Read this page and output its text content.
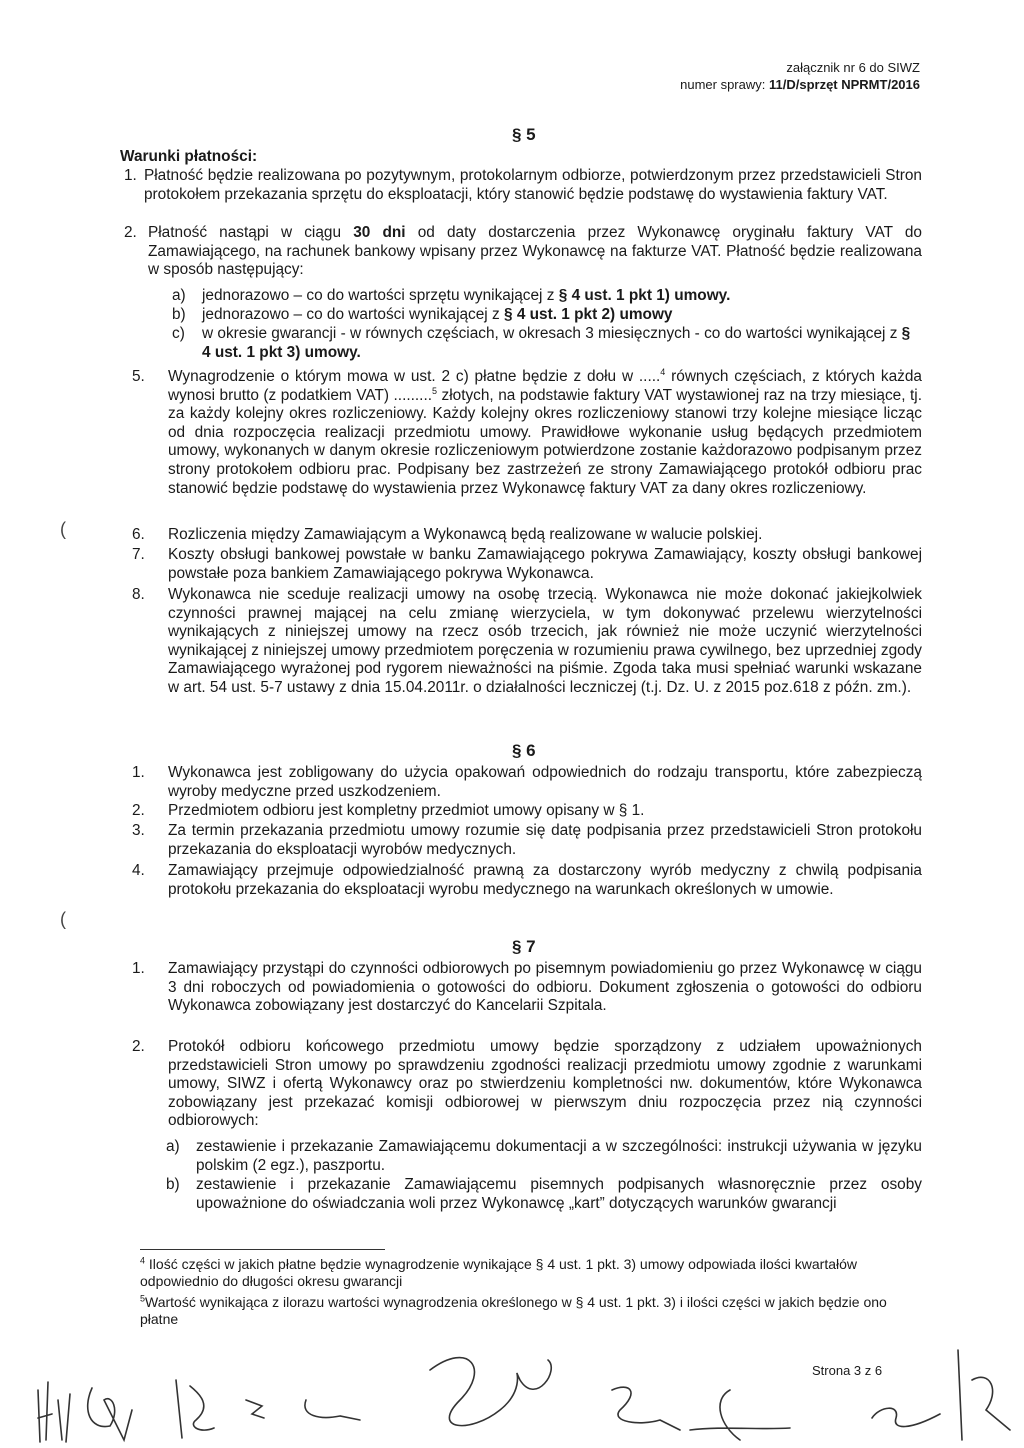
załącznik nr 6 do SIWZ
numer sprawy: 11/D/sprzęt NPRMT/2016
§ 5
Warunki płatności:
1. Płatność będzie realizowana po pozytywnym, protokolarnym odbiorze, potwierdzonym przez przedstawicieli Stron protokołem przekazania sprzętu do eksploatacji, który stanowić będzie podstawę do wystawienia faktury VAT.
2. Płatność nastąpi w ciągu 30 dni od daty dostarczenia przez Wykonawcę oryginału faktury VAT do Zamawiającego, na rachunek bankowy wpisany przez Wykonawcę na fakturze VAT. Płatność będzie realizowana w sposób następujący:
a) jednorazowo – co do wartości sprzętu wynikającej z § 4 ust. 1 pkt 1) umowy.
b) jednorazowo – co do wartości wynikającej z § 4 ust. 1 pkt 2) umowy
c) w okresie gwarancji - w równych częściach, w okresach 3 miesięcznych - co do wartości wynikającej z § 4 ust. 1 pkt 3) umowy.
5. Wynagrodzenie o którym mowa w ust. 2 c) płatne będzie z dołu w .....$^4$ równych częściach, z których każda wynosi brutto (z podatkiem VAT) .........$^5$ złotych, na podstawie faktury VAT wystawionej raz na trzy miesiące, tj. za każdy kolejny okres rozliczeniowy. Każdy kolejny okres rozliczeniowy stanowi trzy kolejne miesiące licząc od dnia rozpoczęcia realizacji przedmiotu umowy. Prawidłowe wykonanie usług będących przedmiotem umowy, wykonanych w danym okresie rozliczeniowym potwierdzone zostanie każdorazowo podpisanym przez strony protokołem odbioru prac. Podpisany bez zastrzeżeń ze strony Zamawiającego protokół odbioru prac stanowić będzie podstawę do wystawienia przez Wykonawcę faktury VAT za dany okres rozliczeniowy.
6. Rozliczenia między Zamawiającym a Wykonawcą będą realizowane w walucie polskiej.
7. Koszty obsługi bankowej powstałe w banku Zamawiającego pokrywa Zamawiający, koszty obsługi bankowej powstałe poza bankiem Zamawiającego pokrywa Wykonawca.
8. Wykonawca nie sceduje realizacji umowy na osobę trzecią. Wykonawca nie może dokonać jakiejkolwiek czynności prawnej mającej na celu zmianę wierzyciela, w tym dokonywać przelewu wierzytelności wynikających z niniejszej umowy na rzecz osób trzecich, jak również nie może uczynić wierzytelności wynikającej z niniejszej umowy przedmiotem poręczenia w rozumieniu prawa cywilnego, bez uprzedniej zgody Zamawiającego wyrażonej pod rygorem nieważności na piśmie. Zgoda taka musi spełniać warunki wskazane w art. 54 ust. 5-7 ustawy z dnia 15.04.2011r. o działalności leczniczej (t.j. Dz. U. z 2015 poz.618 z późn. zm.).
(
§ 6
1. Wykonawca jest zobligowany do użycia opakowań odpowiednich do rodzaju transportu, które zabezpieczą wyroby medyczne przed uszkodzeniem.
2. Przedmiotem odbioru jest kompletny przedmiot umowy opisany w § 1.
3. Za termin przekazania przedmiotu umowy rozumie się datę podpisania przez przedstawicieli Stron protokołu przekazania do eksploatacji wyrobów medycznych.
4. Zamawiający przejmuje odpowiedzialność prawną za dostarczony wyrób medyczny z chwilą podpisania protokołu przekazania do eksploatacji wyrobu medycznego na warunkach określonych w umowie.
(
§ 7
1. Zamawiający przystąpi do czynności odbiorowych po pisemnym powiadomieniu go przez Wykonawcę w ciągu 3 dni roboczych od powiadomienia o gotowości do odbioru. Dokument zgłoszenia o gotowości do odbioru Wykonawca zobowiązany jest dostarczyć do Kancelarii Szpitala.
2. Protokół odbioru końcowego przedmiotu umowy będzie sporządzony z udziałem upoważnionych przedstawicieli Stron umowy po sprawdzeniu zgodności realizacji przedmiotu umowy zgodnie z warunkami umowy, SIWZ i ofertą Wykonawcy oraz po stwierdzeniu kompletności nw. dokumentów, które Wykonawca zobowiązany jest przekazać komisji odbiorowej w pierwszym dniu rozpoczęcia przez nią czynności odbiorowych:
a) zestawienie i przekazanie Zamawiającemu dokumentacji a w szczególności: instrukcji używania w języku polskim (2 egz.), paszportu.
b) zestawienie i przekazanie Zamawiającemu pisemnych podpisanych własnoręcznie przez osoby upoważnione do oświadczania woli przez Wykonawcę „kart” dotyczących warunków gwarancji
$^4$ Ilość części w jakich płatne będzie wynagrodzenie wynikające § 4 ust. 1 pkt. 3) umowy odpowiada ilości kwartałów odpowiednio do długości okresu gwarancji
$^5$Wartość wynikająca z ilorazu wartości wynagrodzenia określonego w § 4 ust. 1 pkt. 3) i ilości części w jakich będzie ono płatne
Strona 3 z 6
